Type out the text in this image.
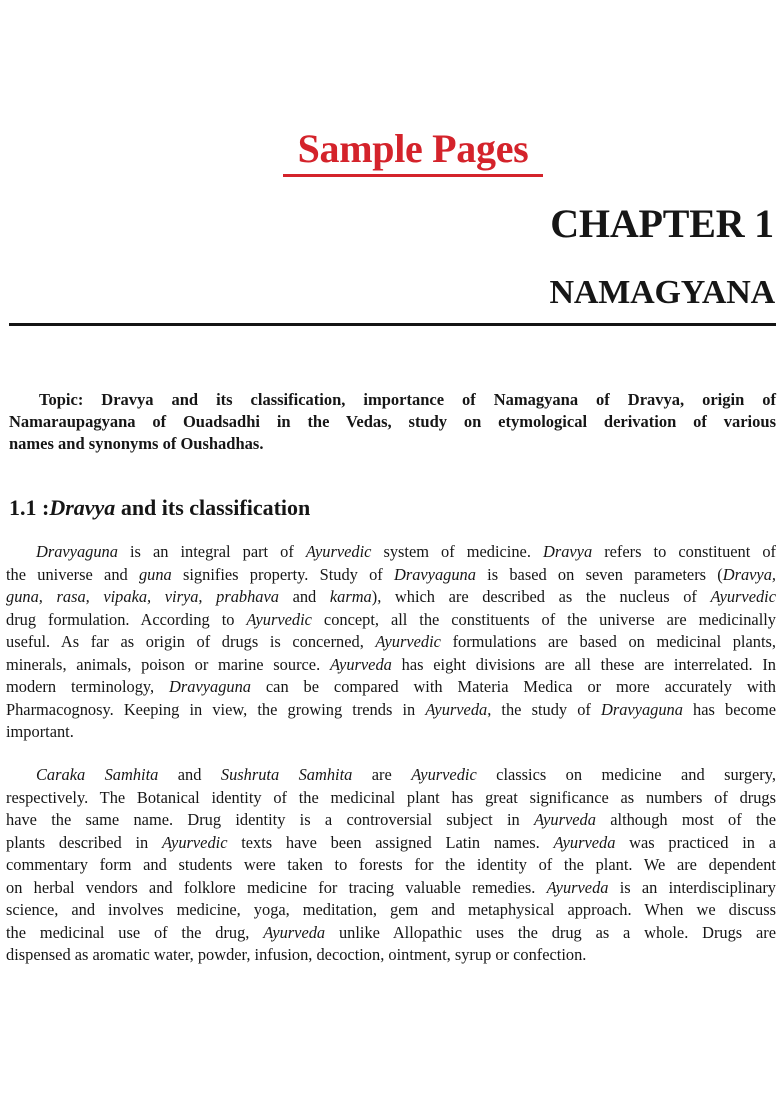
Sample Pages
CHAPTER 1
NAMAGYANA
Topic: Dravya and its classification, importance of Namagyana of Dravya, origin of
Namaraupagyana of Ouadsadhi in the Vedas, study on etymological derivation of various
names and synonyms of Oushadhas.
1.1 :Dravya and its classification
Dravyaguna is an integral part of Ayurvedic system of medicine. Dravya refers to constituent of
the universe and guna signifies property. Study of Dravyaguna is based on seven parameters (Dravya,
guna, rasa, vipaka, virya, prabhava and karma), which are described as the nucleus of Ayurvedic
drug formulation. According to Ayurvedic concept, all the constituents of the universe are medicinally
useful. As far as origin of drugs is concerned, Ayurvedic formulations are based on medicinal plants,
minerals, animals, poison or marine source. Ayurveda has eight divisions are all these are interrelated. In
modern terminology, Dravyaguna can be compared with Materia Medica or more accurately with
Pharmacognosy. Keeping in view, the growing trends in Ayurveda, the study of Dravyaguna has become
important.
Caraka Samhita and Sushruta Samhita are Ayurvedic classics on medicine and surgery,
respectively. The Botanical identity of the medicinal plant has great significance as numbers of drugs
have the same name. Drug identity is a controversial subject in Ayurveda although most of the
plants described in Ayurvedic texts have been assigned Latin names. Ayurveda was practiced in a
commentary form and students were taken to forests for the identity of the plant. We are dependent
on herbal vendors and folklore medicine for tracing valuable remedies. Ayurveda is an interdisciplinary
science, and involves medicine, yoga, meditation, gem and metaphysical approach. When we discuss
the medicinal use of the drug, Ayurveda unlike Allopathic uses the drug as a whole. Drugs are
dispensed as aromatic water, powder, infusion, decoction, ointment, syrup or confection.
